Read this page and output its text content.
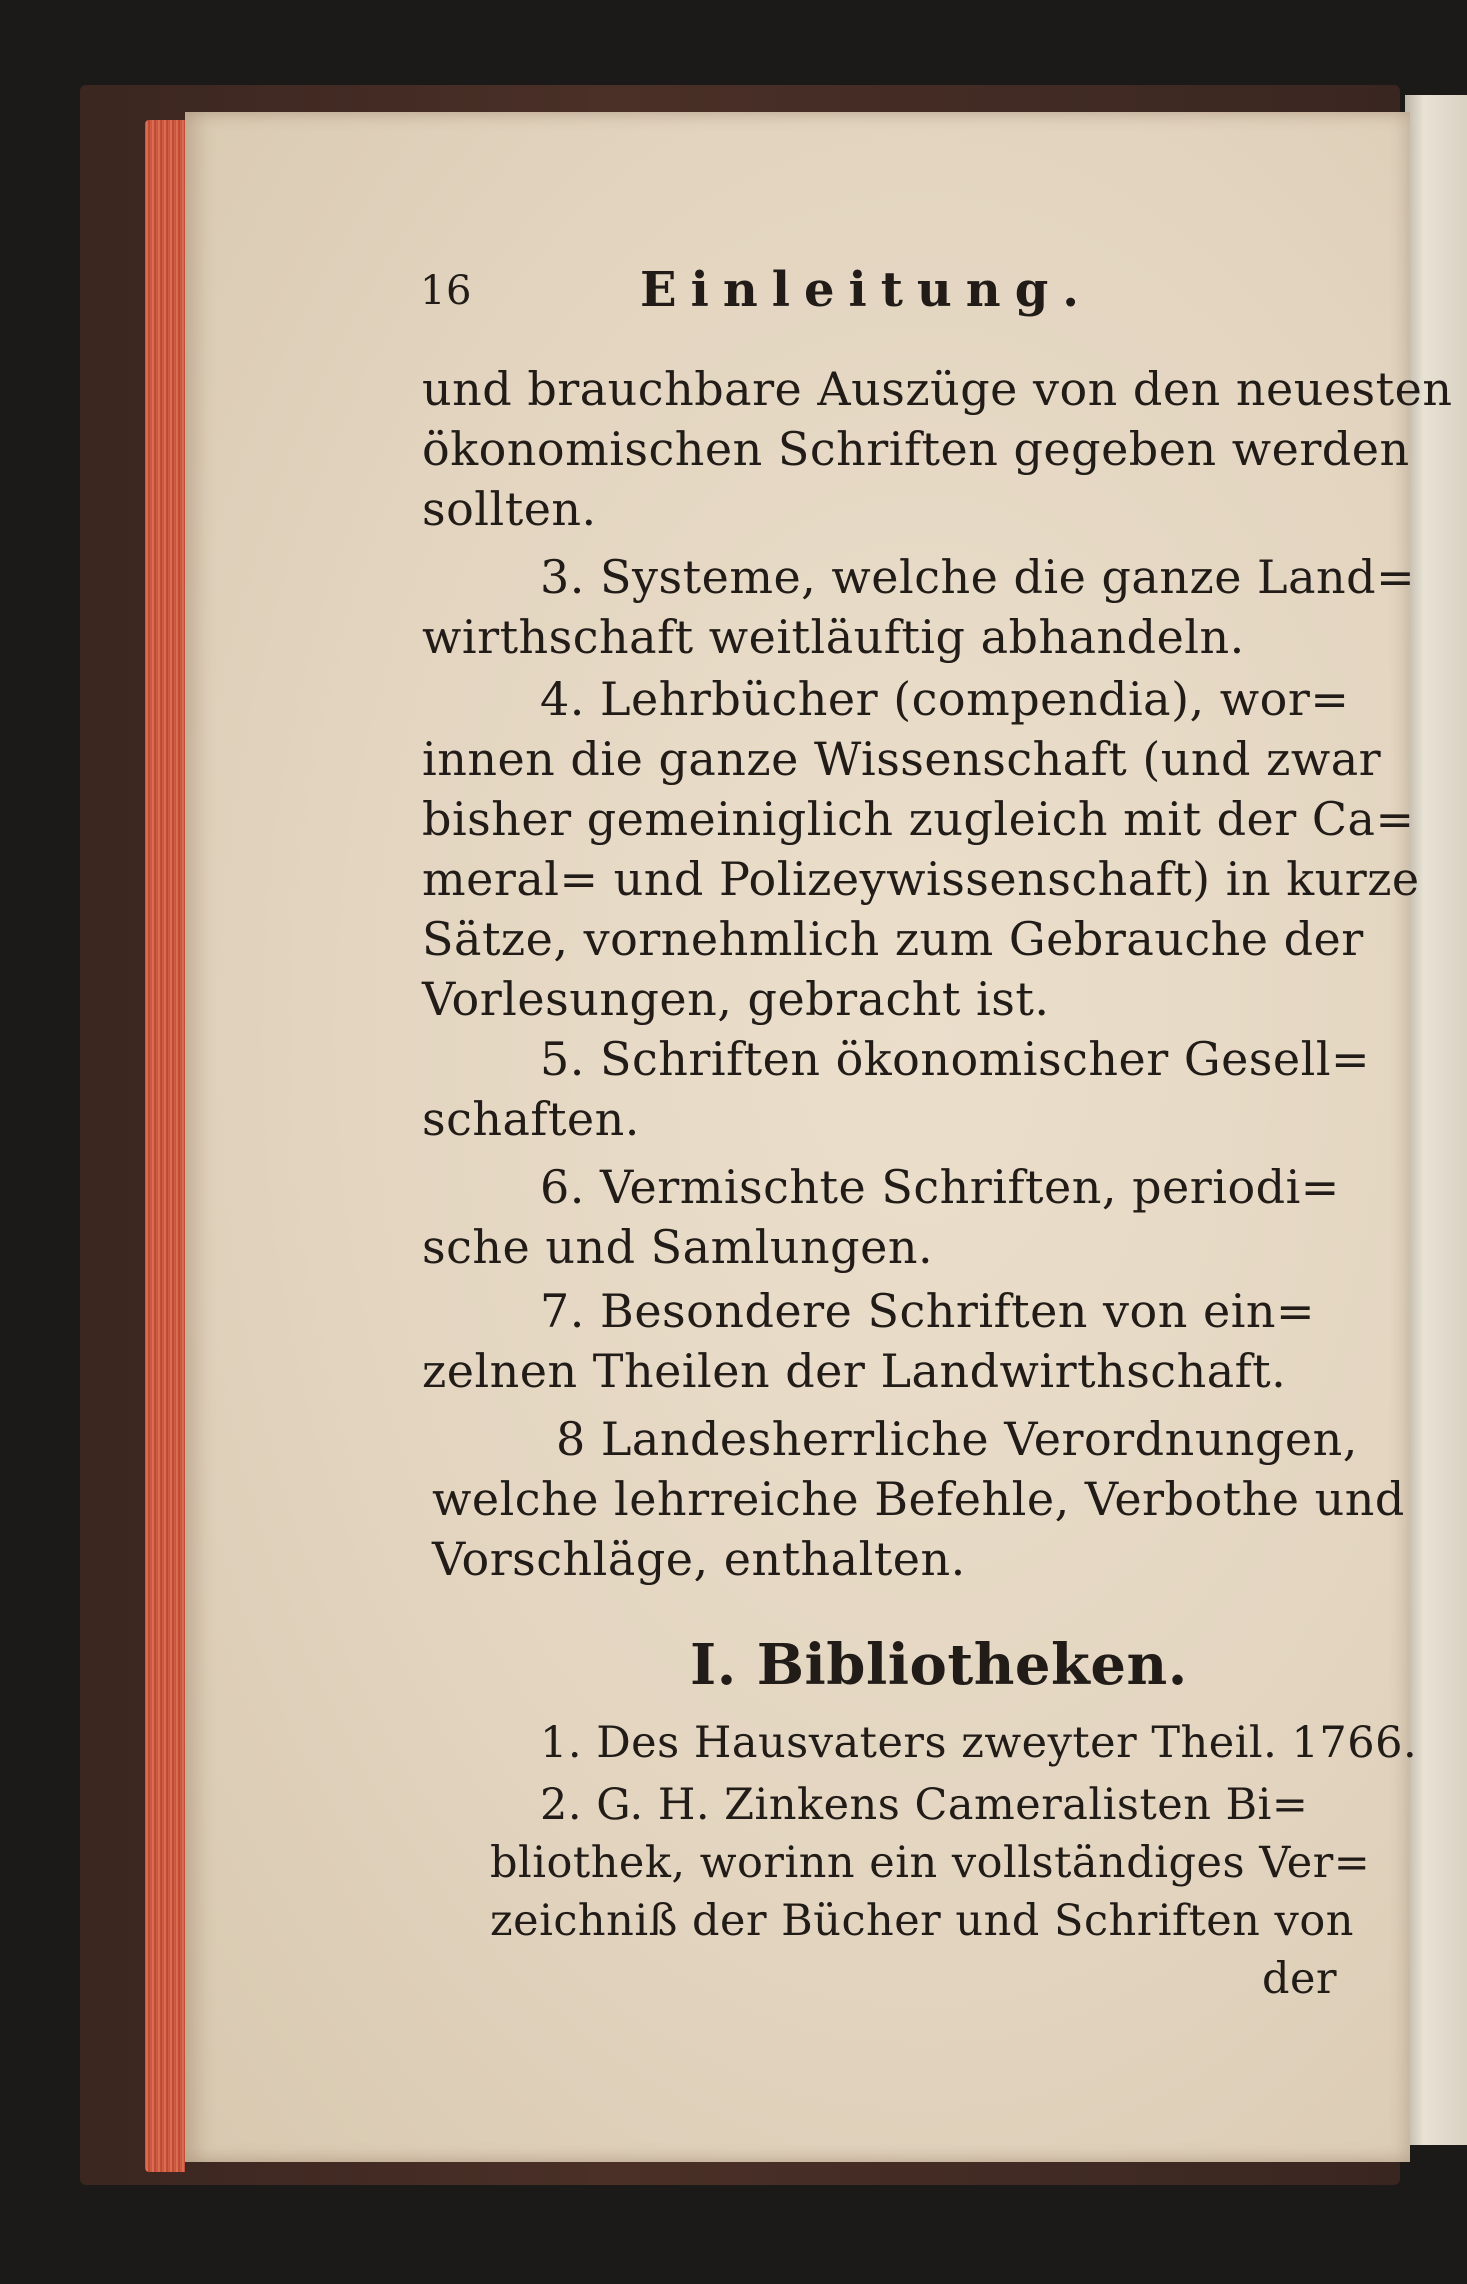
16	Einleitung.
und brauchbare Auszüge von den neuesten
ökonomischen Schriften gegeben werden
sollten.
3. Systeme, welche die ganze Land=
wirthschaft weitläuftig abhandeln.
4. Lehrbücher (compendia), wor=
innen die ganze Wissenschaft (und zwar
bisher gemeiniglich zugleich mit der Ca=
meral= und Polizeywissenschaft) in kurze
Sätze, vornehmlich zum Gebrauche der
Vorlesungen, gebracht ist.
5. Schriften ökonomischer Gesell=
schaften.
6. Vermischte Schriften, periodi=
sche und Samlungen.
7. Besondere Schriften von ein=
zelnen Theilen der Landwirthschaft.
8 Landesherrliche Verordnungen,
welche lehrreiche Befehle, Verbothe und
Vorschläge, enthalten.
I. Bibliotheken.
1. Des Hausvaters zweyter Theil. 1766.
2. G. H. Zinkens Cameralisten Bi=
bliothek, worinn ein vollständiges Ver=
zeichniß der Bücher und Schriften von
der
